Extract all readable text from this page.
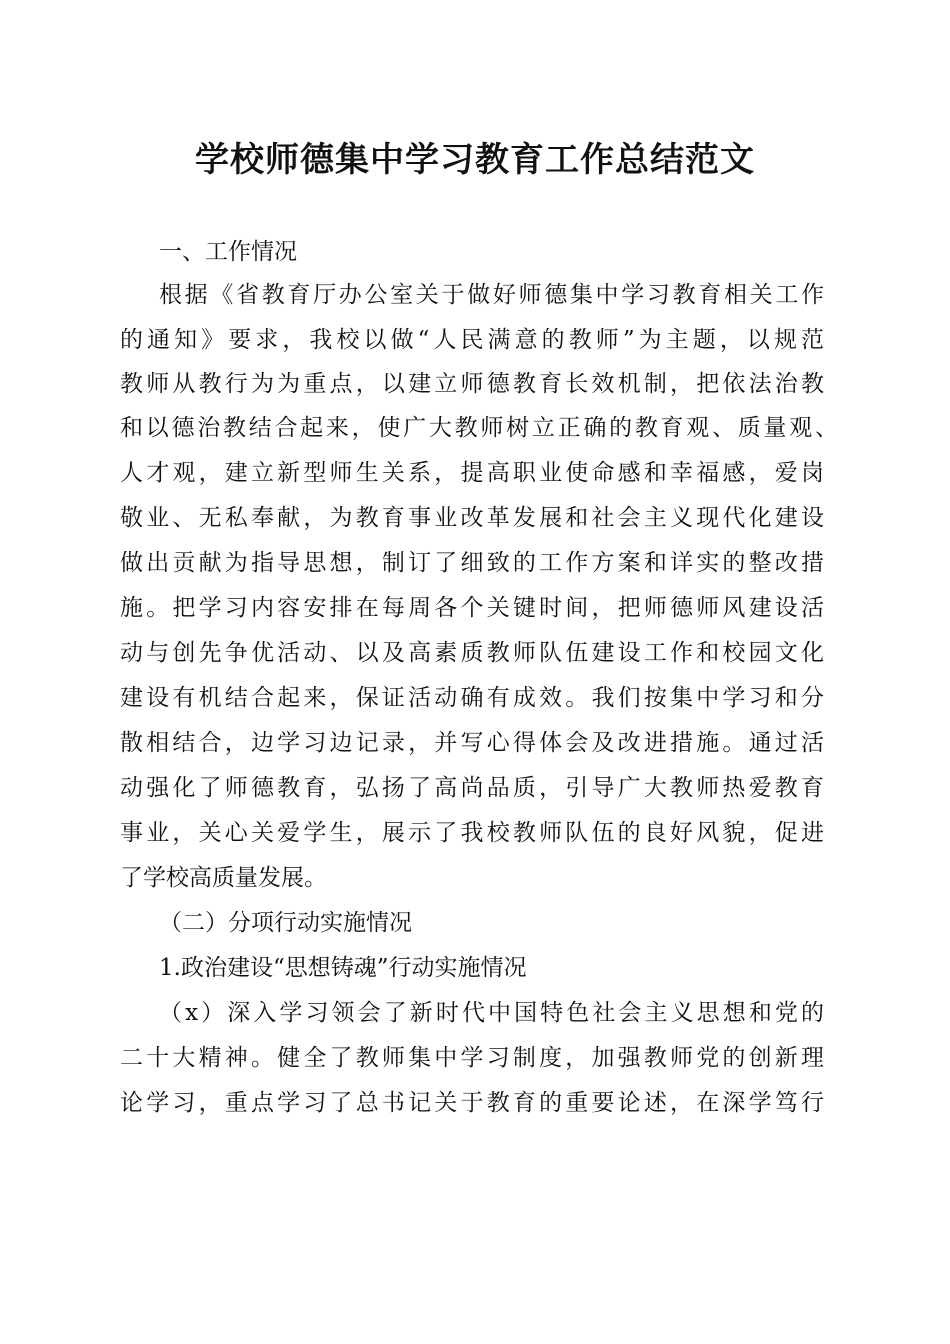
学校师德集中学习教育工作总结范文
一、工作情况
根据《省教育厅办公室关于做好师德集中学习教育相关工作
的通知》要求，我校以做“人民满意的教师”为主题，以规范
教师从教行为为重点，以建立师德教育长效机制，把依法治教
和以德治教结合起来，使广大教师树立正确的教育观、质量观、
人才观，建立新型师生关系，提高职业使命感和幸福感，爱岗
敬业、无私奉献，为教育事业改革发展和社会主义现代化建设
做出贡献为指导思想，制订了细致的工作方案和详实的整改措
施。把学习内容安排在每周各个关键时间，把师德师风建设活
动与创先争优活动、以及高素质教师队伍建设工作和校园文化
建设有机结合起来，保证活动确有成效。我们按集中学习和分
散相结合，边学习边记录，并写心得体会及改进措施。通过活
动强化了师德教育，弘扬了高尚品质，引导广大教师热爱教育
事业，关心关爱学生，展示了我校教师队伍的良好风貌，促进
了学校高质量发展。
（二）分项行动实施情况
1.政治建设“思想铸魂”行动实施情况
（x）深入学习领会了新时代中国特色社会主义思想和党的
二十大精神。健全了教师集中学习制度，加强教师党的创新理
论学习，重点学习了总书记关于教育的重要论述，在深学笃行
